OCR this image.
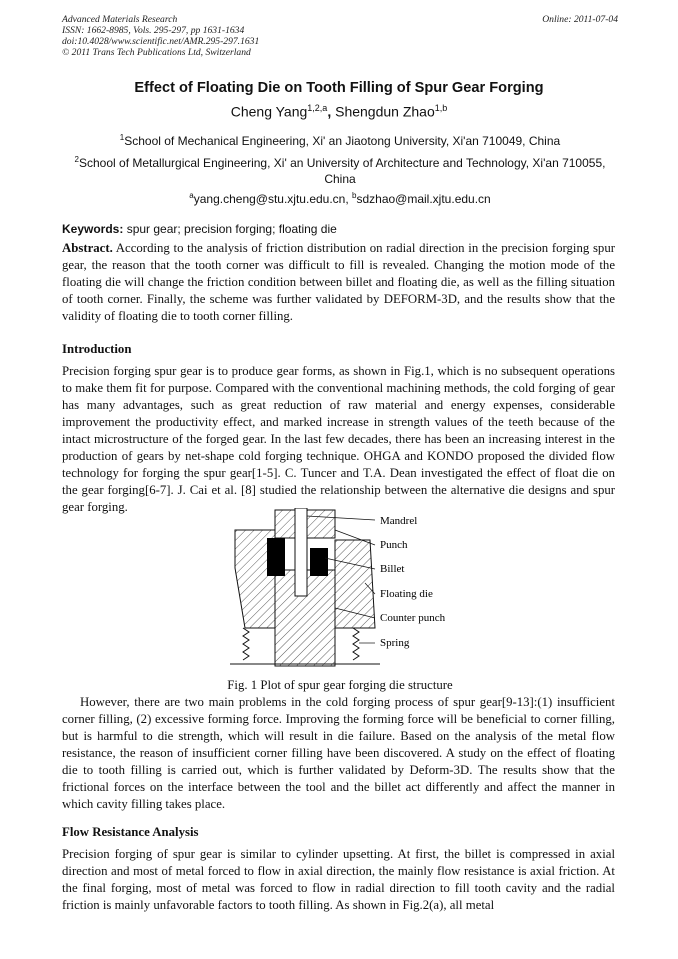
Advanced Materials Research
ISSN: 1662-8985, Vols. 295-297, pp 1631-1634
doi:10.4028/www.scientific.net/AMR.295-297.1631
© 2011 Trans Tech Publications Ltd, Switzerland
Online: 2011-07-04
Effect of Floating Die on Tooth Filling of Spur Gear Forging
Cheng Yang$^{1,2,a}$, Shengdun Zhao$^{1,b}$
$^1$School of Mechanical Engineering, Xi' an Jiaotong University, Xi'an 710049, China
$^2$School of Metallurgical Engineering, Xi' an University of Architecture and Technology, Xi'an 710055,
China
$^a$yang.cheng@stu.xjtu.edu.cn, $^b$sdzhao@mail.xjtu.edu.cn
Keywords: spur gear; precision forging; floating die
Abstract. According to the analysis of friction distribution on radial direction in the precision forging spur gear, the reason that the tooth corner was difficult to fill is revealed. Changing the motion mode of the floating die will change the friction condition between billet and floating die, as well as the filling situation of tooth corner. Finally, the scheme was further validated by DEFORM-3D, and the results show that the validity of floating die to tooth corner filling.
Introduction
Precision forging spur gear is to produce gear forms, as shown in Fig.1, which is no subsequent operations to make them fit for purpose. Compared with the conventional machining methods, the cold forging of gear has many advantages, such as great reduction of raw material and energy expenses, considerable improvement the productivity effect, and marked increase in strength values of the teeth because of the intact microstructure of the forged gear. In the last few decades, there has been an increasing interest in the production of gears by net-shape cold forging technique. OHGA and KONDO proposed the divided flow technology for forging the spur gear[1-5]. C. Tuncer and T.A. Dean investigated the effect of float die on the gear forging[6-7]. J. Cai et al. [8] studied the relationship between the alternative die designs and spur gear forging.
Mandrel
Punch
Billet
Floating die
Counter punch
Spring
Fig. 1 Plot of spur gear forging die structure
However, there are two main problems in the cold forging process of spur gear[9-13]:(1) insufficient corner filling, (2) excessive forming force. Improving the forming force will be beneficial to corner filling, but is harmful to die strength, which will result in die failure. Based on the analysis of the metal flow resistance, the reason of insufficient corner filling have been discovered. A study on the effect of floating die to tooth filling is carried out, which is further validated by Deform-3D. The results show that the frictional forces on the interface between the tool and the billet act differently and affect the manner in which cavity filling takes place.
Flow Resistance Analysis
Precision forging of spur gear is similar to cylinder upsetting. At first, the billet is compressed in axial direction and most of metal forced to flow in axial direction, the mainly flow resistance is axial friction. At the final forging, most of metal was forced to flow in radial direction to fill tooth cavity and the radial friction is mainly unfavorable factors to tooth filling. As shown in Fig.2(a), all metal
